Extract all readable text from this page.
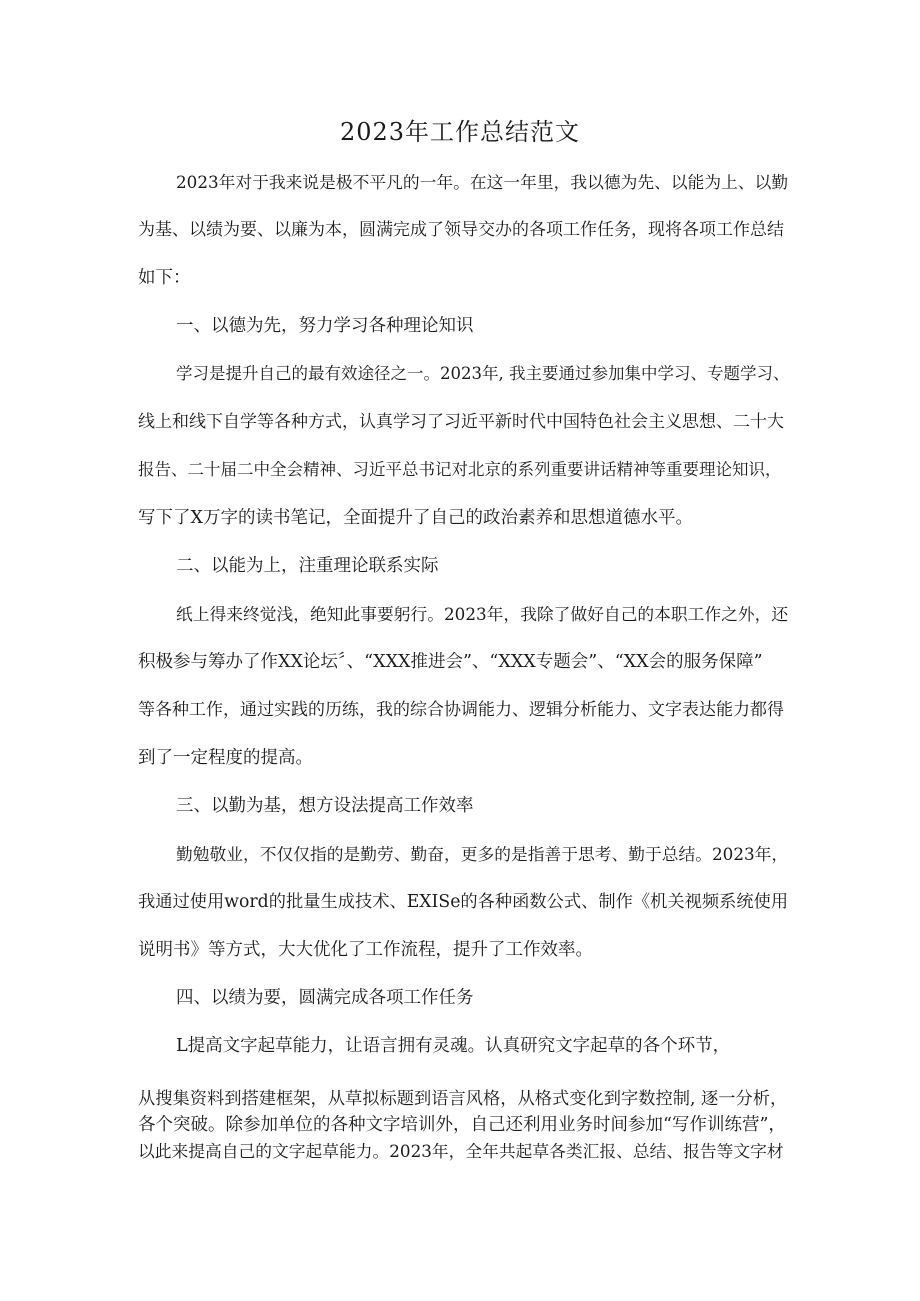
2023年工作总结范文
2023年对于我来说是极不平凡的一年。在这一年里，我以德为先、以能为上、以勤
为基、以绩为要、以廉为本，圆满完成了领导交办的各项工作任务，现将各项工作总结
如下：
一、以德为先，努力学习各种理论知识
学习是提升自己的最有效途径之一。2023年, 我主要通过参加集中学习、专题学习、
线上和线下自学等各种方式，认真学习了习近平新时代中国特色社会主义思想、二十大
报告、二十届二中全会精神、习近平总书记对北京的系列重要讲话精神等重要理论知识，
写下了X万字的读书笔记，全面提升了自己的政治素养和思想道德水平。
二、以能为上，注重理论联系实际
纸上得来终觉浅，绝知此事要躬行。2023年，我除了做好自己的本职工作之外，还
积极参与筹办了作XX论坛〞、“XXX推进会”、“XXX专题会”、“XX会的服务保障”
等各种工作，通过实践的历练，我的综合协调能力、逻辑分析能力、文字表达能力都得
到了一定程度的提高。
三、以勤为基，想方设法提高工作效率
勤勉敬业，不仅仅指的是勤劳、勤奋，更多的是指善于思考、勤于总结。2023年，
我通过使用word的批量生成技术、EXISe的各种函数公式、制作《机关视频系统使用
说明书》等方式，大大优化了工作流程，提升了工作效率。
四、以绩为要，圆满完成各项工作任务
L提高文字起草能力，让语言拥有灵魂。认真研究文字起草的各个环节，
从搜集资料到搭建框架，从草拟标题到语言风格，从格式变化到字数控制, 逐一分析，
各个突破。除参加单位的各种文字培训外，自己还利用业务时间参加“写作训练营”，
以此来提高自己的文字起草能力。2023年，全年共起草各类汇报、总结、报告等文字材
